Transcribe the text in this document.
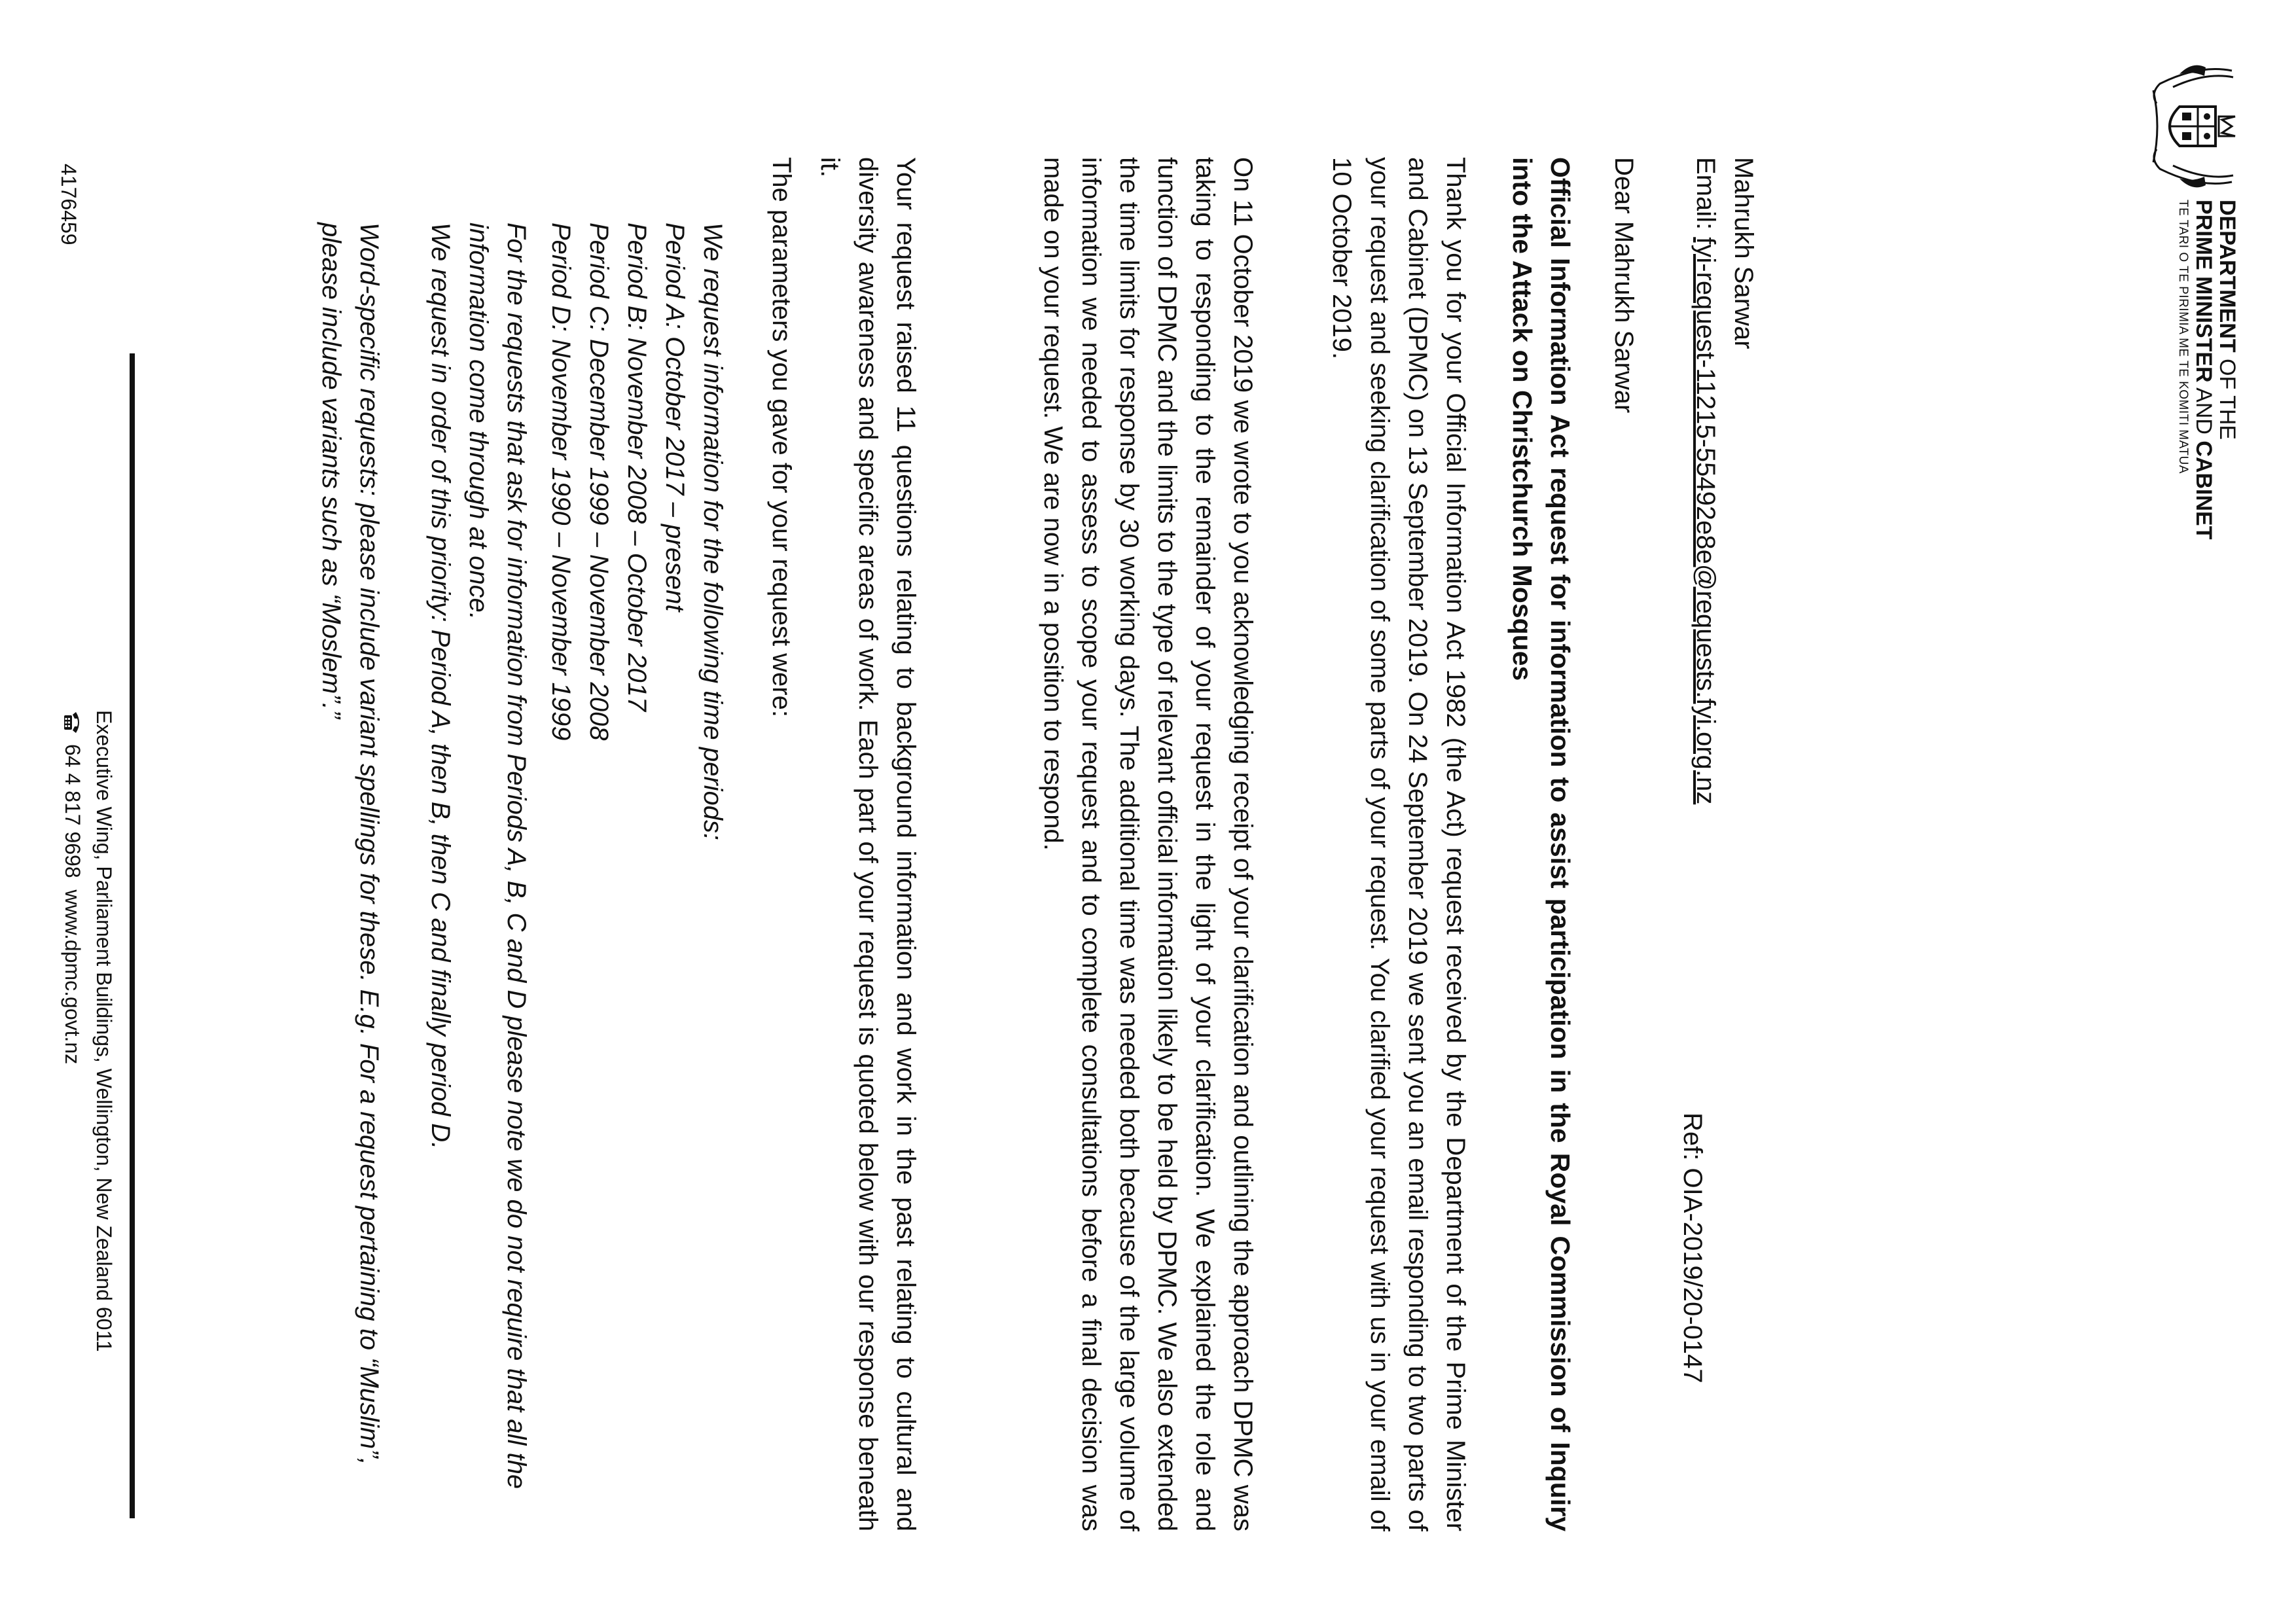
DEPARTMENT OF THE
PRIME MINISTER AND CABINET
TE TARI O TE PIRIMIA ME TE KOMITI MATUA
Ref: OIA-2019/20-0147
Mahrukh Sarwar
Email: fyi-request-11215-55492e8e@requests.fyi.org.nz
Dear Mahrukh Sarwar
Official Information Act request for information to assist participation in the Royal Commission of Inquiry into the Attack on Christchurch Mosques

Thank you for your Official Information Act 1982 (the Act) request received by the Department of the Prime Minister and Cabinet (DPMC) on 13 September 2019. On 24 September 2019 we sent you an email responding to two parts of your request and seeking clarification of some parts of your request. You clarified your request with us in your email of 10 October 2019.

On 11 October 2019 we wrote to you acknowledging receipt of your clarification and outlining the approach DPMC was taking to responding to the remainder of your request in the light of your clarification. We explained the role and function of DPMC and the limits to the type of relevant official information likely to be held by DPMC. We also extended the time limits for response by 30 working days. The additional time was needed both because of the large volume of information we needed to assess to scope your request and to complete consultations before a final decision was made on your request. We are now in a position to respond.

Your request raised 11 questions relating to background information and work in the past relating to cultural and diversity awareness and specific areas of work. Each part of your request is quoted below with our response beneath it.

The parameters you gave for your request were:

We request information for the following time periods:
Period A: October 2017 – present
Period B: November 2008 – October 2017
Period C: December 1999 – November 2008
Period D: November 1990 – November 1999
For the requests that ask for information from Periods A, B, C and D please note we do not require that all the information come through at once.
We request in order of this priority: Period A, then B, then C and finally period D.
Word-specific requests: please include variant spellings for these. E.g. For a request pertaining to “Muslim”, please include variants such as “Moslem”.”
Executive Wing, Parliament Buildings, Wellington, New Zealand 6011
64 4 817 9698

www.dpmc.govt.nz
4176459
